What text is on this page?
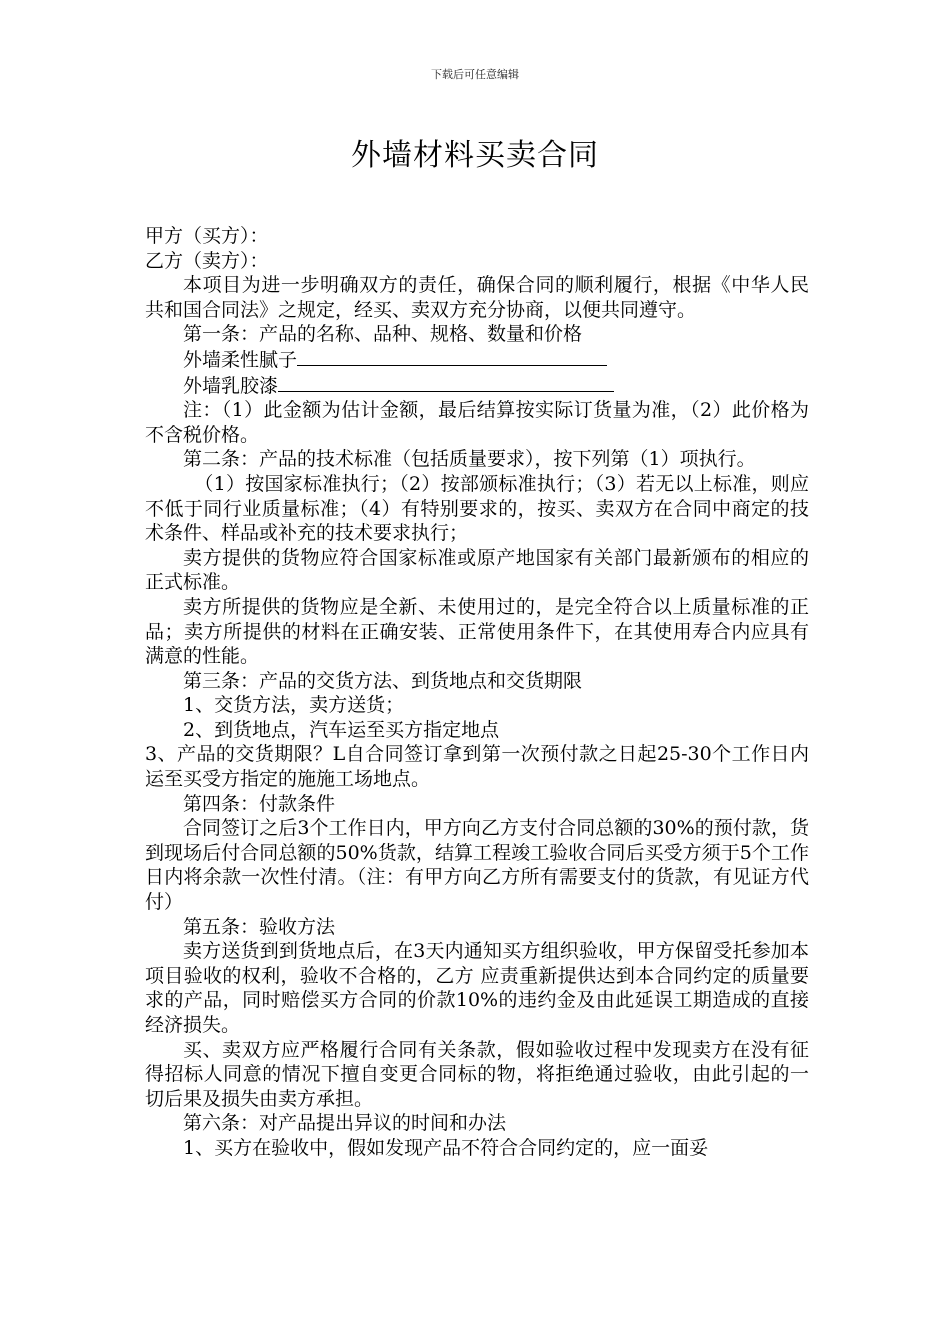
下载后可任意编辑
外墙材料买卖合同

甲方（买方）：

乙方（卖方）：

本项目为进一步明确双方的责任，确保合同的顺利履行，根据《中华人民共和国合同法》之规定，经买、卖双方充分协商，以便共同遵守。

第一条：产品的名称、品种、规格、数量和价格

外墙柔性腻子

外墙乳胶漆

注：（1）此金额为估计金额，最后结算按实际订货量为准，（2）此价格为不含税价格。

第二条：产品的技术标准（包括质量要求），按下列第（1）项执行。

（1）按国家标准执行；（2）按部颁标准执行；（3）若无以上标准，则应不低于同行业质量标准；（4）有特别要求的，按买、卖双方在合同中商定的技术条件、样品或补充的技术要求执行；

卖方提供的货物应符合国家标准或原产地国家有关部门最新颁布的相应的正式标准。

卖方所提供的货物应是全新、未使用过的，是完全符合以上质量标准的正品；卖方所提供的材料在正确安装、正常使用条件下，在其使用寿合内应具有满意的性能。

第三条：产品的交货方法、到货地点和交货期限

1、交货方法，卖方送货；

2、到货地点，汽车运至买方指定地点

3、产品的交货期限？L自合同签订拿到第一次预付款之日起25-30个工作日内运至买受方指定的施施工场地点。

第四条：付款条件

合同签订之后3个工作日内，甲方向乙方支付合同总额的30%的预付款，货到现场后付合同总额的50%货款，结算工程竣工验收合同后买受方须于5个工作日内将余款一次性付清。（注：有甲方向乙方所有需要支付的货款，有见证方代付）

第五条：验收方法

卖方送货到到货地点后，在3天内通知买方组织验收，甲方保留受托参加本项目验收的权利，验收不合格的，乙方 应责重新提供达到本合同约定的质量要求的产品，同时赔偿买方合同的价款10%的违约金及由此延误工期造成的直接经济损失。

买、卖双方应严格履行合同有关条款，假如验收过程中发现卖方在没有征得招标人同意的情况下擅自变更合同标的物，将拒绝通过验收，由此引起的一切后果及损失由卖方承担。

第六条：对产品提出异议的时间和办法

1、买方在验收中，假如发现产品不符合合同约定的，应一面妥
